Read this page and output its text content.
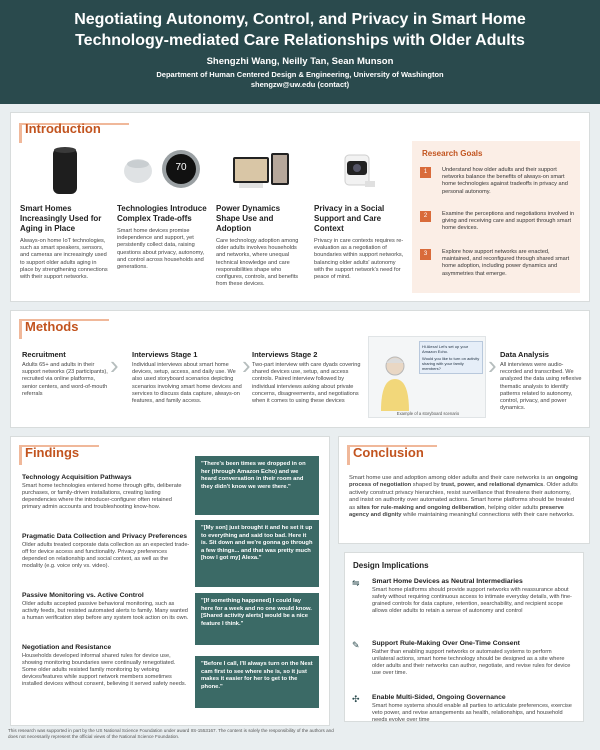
Negotiating Autonomy, Control, and Privacy in Smart Home
Technology-mediated Care Relationships with Older Adults
Shengzhi Wang, Neilly Tan, Sean Munson
Department of Human Centered Design & Engineering, University of Washington
shengzw@uw.edu (contact)
Introduction
Smart Homes Increasingly Used for Aging in Place
Always-on home IoT technologies, such as smart speakers, sensors, and cameras are increasingly used to support older adults aging in place by strengthening connections with their support networks.
70
Technologies Introduce Complex Trade-offs
Smart home devices promise independence and support, yet persistently collect data, raising questions about privacy, autonomy, and control across households and generations.
Power Dynamics Shape Use and Adoption
Care technology adoption among older adults involves households and networks, where unequal technical knowledge and care responsibilities shape who configures, controls, and benefits from these devices.
Privacy in a Social Support and Care Context
Privacy in care contexts requires re-evaluation as a negotiation of boundaries within support networks, balancing older adults' autonomy with the support network's need for peace of mind.
Research Goals
1	Understand how older adults and their support networks balance the benefits of always-on smart home technologies against tradeoffs in privacy and personal autonomy.
2	Examine the perceptions and negotiations involved in giving and receiving care and support through smart home devices.
3	Explore how support networks are enacted, maintained, and reconfigured through shared smart home adoption, including power dynamics and asymmetries that emerge.
Methods
Recruitment
Adults 65+ and adults in their support networks (23 participants), recruited via online platforms, senior centers, and word-of-mouth referrals
› Interviews Stage 1
Individual interviews about smart home devices, setup, access, and daily use. We also used storyboard scenarios depicting scenarios involving smart home devices and services to discuss data capture, always-on features, and family access.
› Interviews Stage 2
Two-part interview with care dyads covering shared devices use, setup, and access controls. Paired interview followed by individual interviews asking about private concerns, disagreements, and negotiations when it comes to using these devices
Hi Alexa! Let's set up your Amazon Echo.
Would you like to turn on activity sharing with your family members?
Example of a storyboard scenario
› Data Analysis
All interviews were audio-recorded and transcribed. We analyzed the data using reflexive thematic analysis to identify patterns related to autonomy, control, privacy, and power dynamics.
Findings
Technology Acquisition Pathways
Smart home technologies entered home through gifts, deliberate purchases, or family-driven installations, creating lasting dependencies where the introducer-configurer often retained primary admin accounts and troubleshooting know-how.
Pragmatic Data Collection and Privacy Preferences
Older adults treated corporate data collection as an expected trade-off for device access and functionality. Privacy preferences depended on relationship and social context, as well as the modality (e.g. voice only vs. video).
Passive Monitoring vs. Active Control
Older adults accepted passive behavioral monitoring, such as activity feeds, but resisted automated alerts to family. Many wanted a human verification step before any system took action on its own.
Negotiation and Resistance
Households developed informal shared rules for device use, showing monitoring boundaries were continually renegotiated. Some older adults resisted family monitoring by vetoing devices/features while support network members sometimes installed devices without consent, believing it served safety needs.
"There's been times we dropped in on her (through Amazon Echo) and we heard conversation in their room and they didn't know we were there."
"[My son] just brought it and he set it up to everything and said too bad. Here it is. Sit down and we're gonna go through a few things... and that was pretty much [how I got my] Alexa."
"[If something happened] I could lay here for a week and no one would know. [Shared activity alerts] would be a nice feature I think."
"Before I call, I'll always turn on the Nest cam first to see where she is, so it just makes it easier for her to get to the phone."
Conclusion
Smart home use and adoption among older adults and their care networks is an ongoing process of negotiation shaped by trust, power, and relational dynamics. Older adults actively construct privacy hierarchies, resist surveillance that threatens their autonomy, and insist on authority over automated actions. Smart home platforms should be treated as sites for rule-making and ongoing deliberation, helping older adults preserve agency and dignity while maintaining meaningful connections with their care networks.
Design Implications
⇋ Smart Home Devices as Neutral Intermediaries
Smart home platforms should provide support networks with reassurance about safety without requiring continuous access to intimate everyday details, with fine-grained controls for data capture, retention, searchability, and recipient scope allows older adults to retain a sense of autonomy and control
✎ Support Rule-Making Over One-Time Consent
Rather than enabling support networks or automated systems to perform unilateral actions, smart home technology should be designed as a site where older adults and their networks can author, negotiate, and revise rules for device use over time.
✣ Enable Multi-Sided, Ongoing Governance
Smart home systems should enable all parties to articulate preferences, exercise veto power, and revise arrangements as health, relationships, and household needs evolve over time
This research was supported in part by the US National Science Foundation under award IIS-1553167. The content is solely the responsibility of the authors and does not necessarily represent the official views of the National Science Foundation.
